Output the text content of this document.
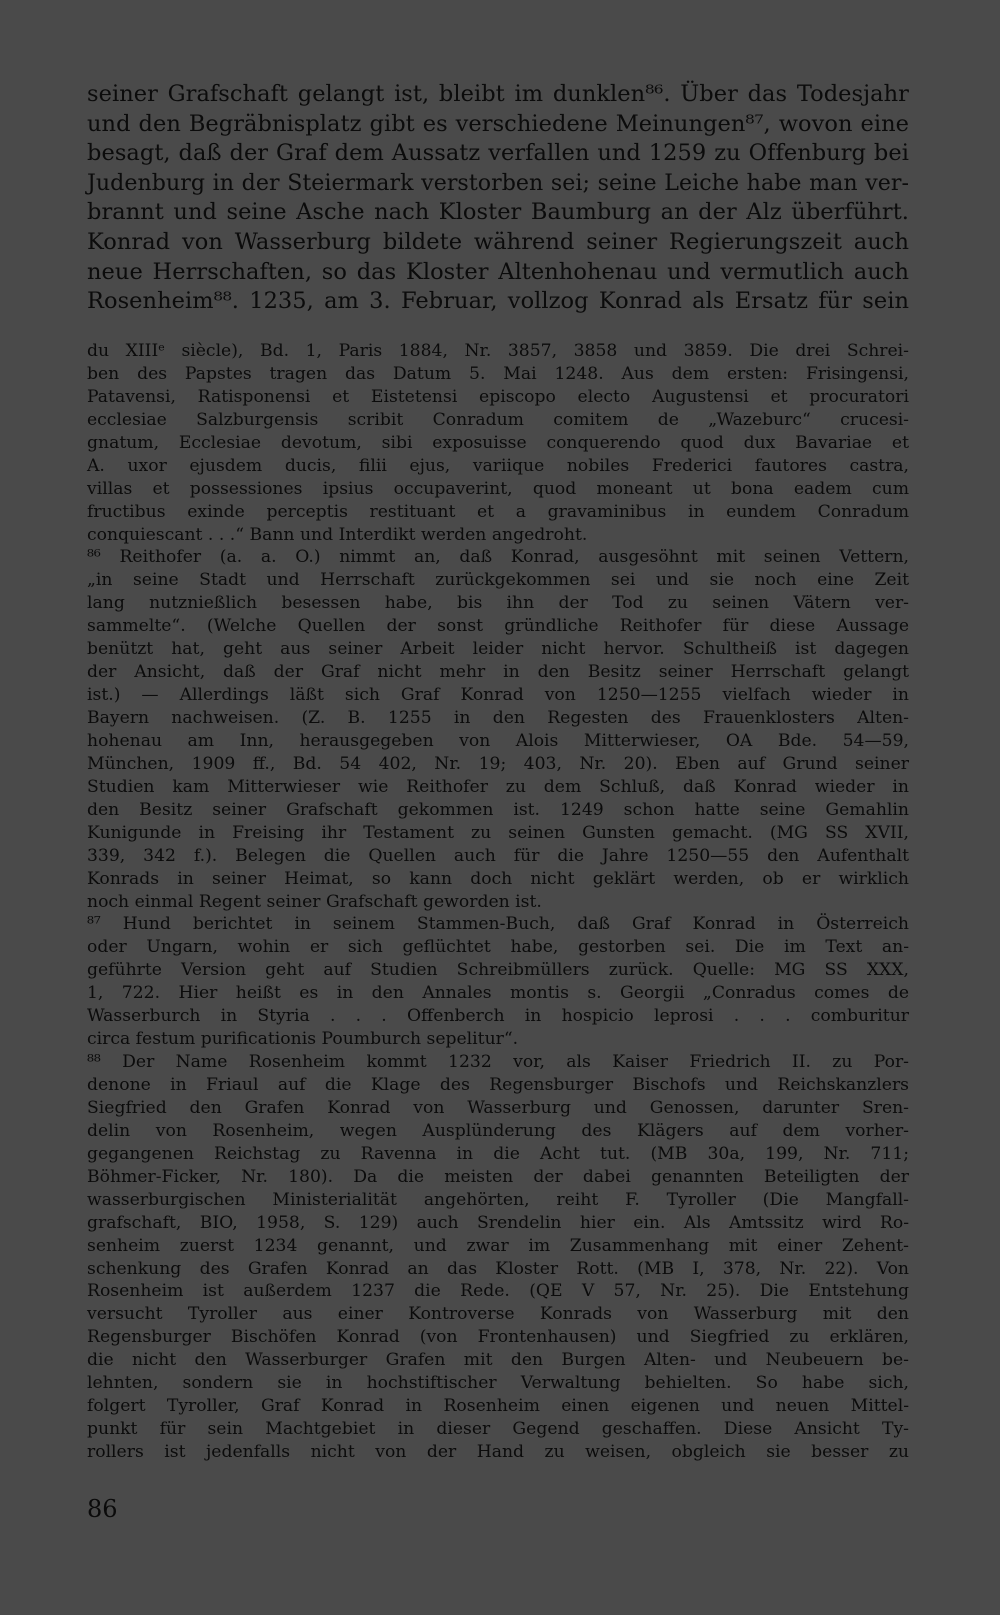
seiner Grafschaft gelangt ist, bleibt im dunklen⁸⁶. Über das Todesjahr
und den Begräbnisplatz gibt es verschiedene Meinungen⁸⁷, wovon eine
besagt, daß der Graf dem Aussatz verfallen und 1259 zu Offenburg bei
Judenburg in der Steiermark verstorben sei; seine Leiche habe man ver-
brannt und seine Asche nach Kloster Baumburg an der Alz überführt.
Konrad von Wasserburg bildete während seiner Regierungszeit auch
neue Herrschaften, so das Kloster Altenhohenau und vermutlich auch
Rosenheim⁸⁸. 1235, am 3. Februar, vollzog Konrad als Ersatz für sein
du XIIIᵉ siècle), Bd. 1, Paris 1884, Nr. 3857, 3858 und 3859. Die drei Schrei-
ben des Papstes tragen das Datum 5. Mai 1248. Aus dem ersten: Frisingensi,
Patavensi, Ratisponensi et Eistetensi episcopo electo Augustensi et procuratori
ecclesiae Salzburgensis scribit Conradum comitem de „Wazeburc“ crucesi-
gnatum, Ecclesiae devotum, sibi exposuisse conquerendo quod dux Bavariae et
A. uxor ejusdem ducis, filii ejus, variique nobiles Frederici fautores castra,
villas et possessiones ipsius occupaverint, quod moneant ut bona eadem cum
fructibus exinde perceptis restituant et a gravaminibus in eundem Conradum
conquiescant . . .“ Bann und Interdikt werden angedroht.
⁸⁶ Reithofer (a. a. O.) nimmt an, daß Konrad, ausgesöhnt mit seinen Vettern,
„in seine Stadt und Herrschaft zurückgekommen sei und sie noch eine Zeit
lang nutznießlich besessen habe, bis ihn der Tod zu seinen Vätern ver-
sammelte“. (Welche Quellen der sonst gründliche Reithofer für diese Aussage
benützt hat, geht aus seiner Arbeit leider nicht hervor. Schultheiß ist dagegen
der Ansicht, daß der Graf nicht mehr in den Besitz seiner Herrschaft gelangt
ist.) — Allerdings läßt sich Graf Konrad von 1250—1255 vielfach wieder in
Bayern nachweisen. (Z. B. 1255 in den Regesten des Frauenklosters Alten-
hohenau am Inn, herausgegeben von Alois Mitterwieser, OA Bde. 54—59,
München, 1909 ff., Bd. 54 402, Nr. 19; 403, Nr. 20). Eben auf Grund seiner
Studien kam Mitterwieser wie Reithofer zu dem Schluß, daß Konrad wieder in
den Besitz seiner Grafschaft gekommen ist. 1249 schon hatte seine Gemahlin
Kunigunde in Freising ihr Testament zu seinen Gunsten gemacht. (MG SS XVII,
339, 342 f.). Belegen die Quellen auch für die Jahre 1250—55 den Aufenthalt
Konrads in seiner Heimat, so kann doch nicht geklärt werden, ob er wirklich
noch einmal Regent seiner Grafschaft geworden ist.
⁸⁷ Hund berichtet in seinem Stammen-Buch, daß Graf Konrad in Österreich
oder Ungarn, wohin er sich geflüchtet habe, gestorben sei. Die im Text an-
geführte Version geht auf Studien Schreibmüllers zurück. Quelle: MG SS XXX,
1, 722. Hier heißt es in den Annales montis s. Georgii „Conradus comes de
Wasserburch in Styria . . . Offenberch in hospicio leprosi . . . comburitur
circa festum purificationis Poumburch sepelitur“.
⁸⁸ Der Name Rosenheim kommt 1232 vor, als Kaiser Friedrich II. zu Por-
denone in Friaul auf die Klage des Regensburger Bischofs und Reichskanzlers
Siegfried den Grafen Konrad von Wasserburg und Genossen, darunter Sren-
delin von Rosenheim, wegen Ausplünderung des Klägers auf dem vorher-
gegangenen Reichstag zu Ravenna in die Acht tut. (MB 30a, 199, Nr. 711;
Böhmer-Ficker, Nr. 180). Da die meisten der dabei genannten Beteiligten der
wasserburgischen Ministerialität angehörten, reiht F. Tyroller (Die Mangfall-
grafschaft, BIO, 1958, S. 129) auch Srendelin hier ein. Als Amtssitz wird Ro-
senheim zuerst 1234 genannt, und zwar im Zusammenhang mit einer Zehent-
schenkung des Grafen Konrad an das Kloster Rott. (MB I, 378, Nr. 22). Von
Rosenheim ist außerdem 1237 die Rede. (QE V 57, Nr. 25). Die Entstehung
versucht Tyroller aus einer Kontroverse Konrads von Wasserburg mit den
Regensburger Bischöfen Konrad (von Frontenhausen) und Siegfried zu erklären,
die nicht den Wasserburger Grafen mit den Burgen Alten- und Neubeuern be-
lehnten, sondern sie in hochstiftischer Verwaltung behielten. So habe sich,
folgert Tyroller, Graf Konrad in Rosenheim einen eigenen und neuen Mittel-
punkt für sein Machtgebiet in dieser Gegend geschaffen. Diese Ansicht Ty-
rollers ist jedenfalls nicht von der Hand zu weisen, obgleich sie besser zu
86
